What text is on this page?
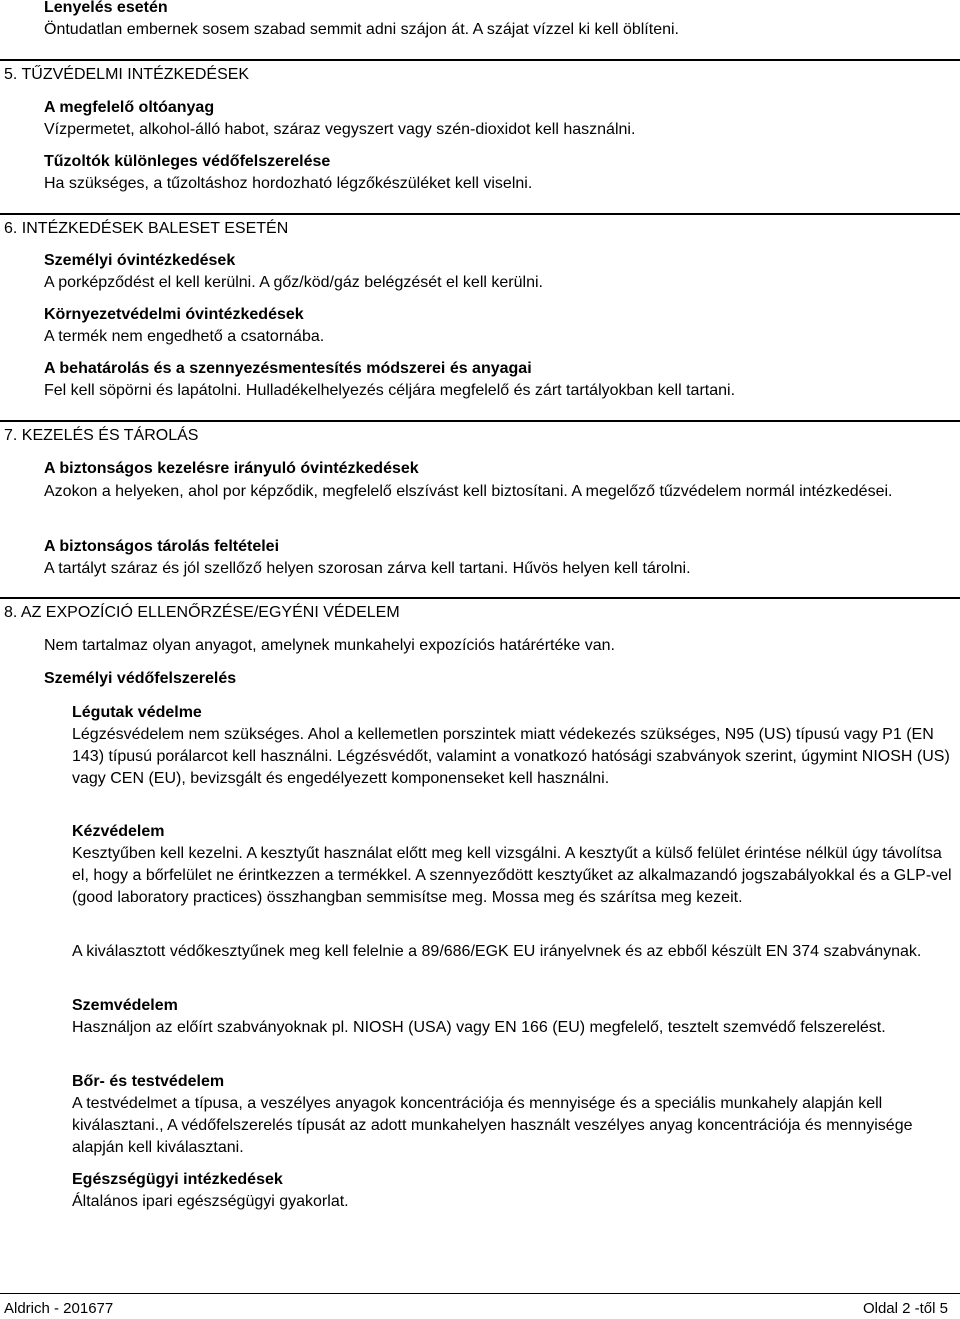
Lenyelés esetén
Öntudatlan embernek sosem szabad semmit adni szájon át. A szájat vízzel ki kell öblíteni.
5. TŰZVÉDELMI INTÉZKEDÉSEK
A megfelelő oltóanyag
Vízpermetet, alkohol-álló habot, száraz vegyszert vagy szén-dioxidot kell használni.
Tűzoltók különleges védőfelszerelése
Ha szükséges, a tűzoltáshoz hordozható légzőkészüléket kell viselni.
6. INTÉZKEDÉSEK BALESET ESETÉN
Személyi óvintézkedések
A porképződést el kell kerülni. A gőz/köd/gáz belégzését el kell kerülni.
Környezetvédelmi óvintézkedések
A termék nem engedhető a csatornába.
A behatárolás és a szennyezésmentesítés módszerei és anyagai
Fel kell söpörni és lapátolni. Hulladékelhelyezés céljára megfelelő és zárt tartályokban kell tartani.
7. KEZELÉS ÉS TÁROLÁS
A biztonságos kezelésre irányuló óvintézkedések

Azokon a helyeken, ahol por képződik, megfelelő elszívást kell biztosítani. A megelőző tűzvédelem normál intézkedései.

A biztonságos tárolás feltételei
A tartályt száraz és jól szellőző helyen szorosan zárva kell tartani. Hűvös helyen kell tárolni.
8. AZ EXPOZÍCIÓ ELLENŐRZÉSE/EGYÉNI VÉDELEM
Nem tartalmaz olyan anyagot, amelynek munkahelyi expozíciós határértéke van.
Személyi védőfelszerelés
Légutak védelme

Légzésvédelem nem szükséges. Ahol a kellemetlen porszintek miatt védekezés szükséges, N95 (US) típusú vagy P1 (EN 143) típusú porálarcot kell használni. Légzésvédőt, valamint a vonatkozó hatósági szabványok szerint, úgymint NIOSH (US) vagy CEN (EU), bevizsgált és engedélyezett komponenseket kell használni.

Kézvédelem

Kesztyűben kell kezelni. A kesztyűt használat előtt meg kell vizsgálni. A kesztyűt a külső felület érintése nélkül úgy távolítsa el, hogy a bőrfelület ne érintkezzen a termékkel. A szennyeződött kesztyűket az alkalmazandó jogszabályokkal és a GLP-vel (good laboratory practices) összhangban semmisítse meg. Mossa meg és szárítsa meg kezeit.

A kiválasztott védőkesztyűnek meg kell felelnie a 89/686/EGK EU irányelvnek és az ebből készült EN 374 szabványnak.

Szemvédelem

Használjon az előírt szabványoknak pl. NIOSH (USA) vagy EN 166 (EU) megfelelő, tesztelt szemvédő felszerelést.

Bőr- és testvédelem

A testvédelmet a típusa, a veszélyes anyagok koncentrációja és mennyisége és a speciális munkahely alapján kell kiválasztani., A védőfelszerelés típusát az adott munkahelyen használt veszélyes anyag koncentrációja és mennyisége alapján kell kiválasztani.

Egészségügyi intézkedések
Általános ipari egészségügyi gyakorlat.
Aldrich - 201677	Oldal 2 -től 5
